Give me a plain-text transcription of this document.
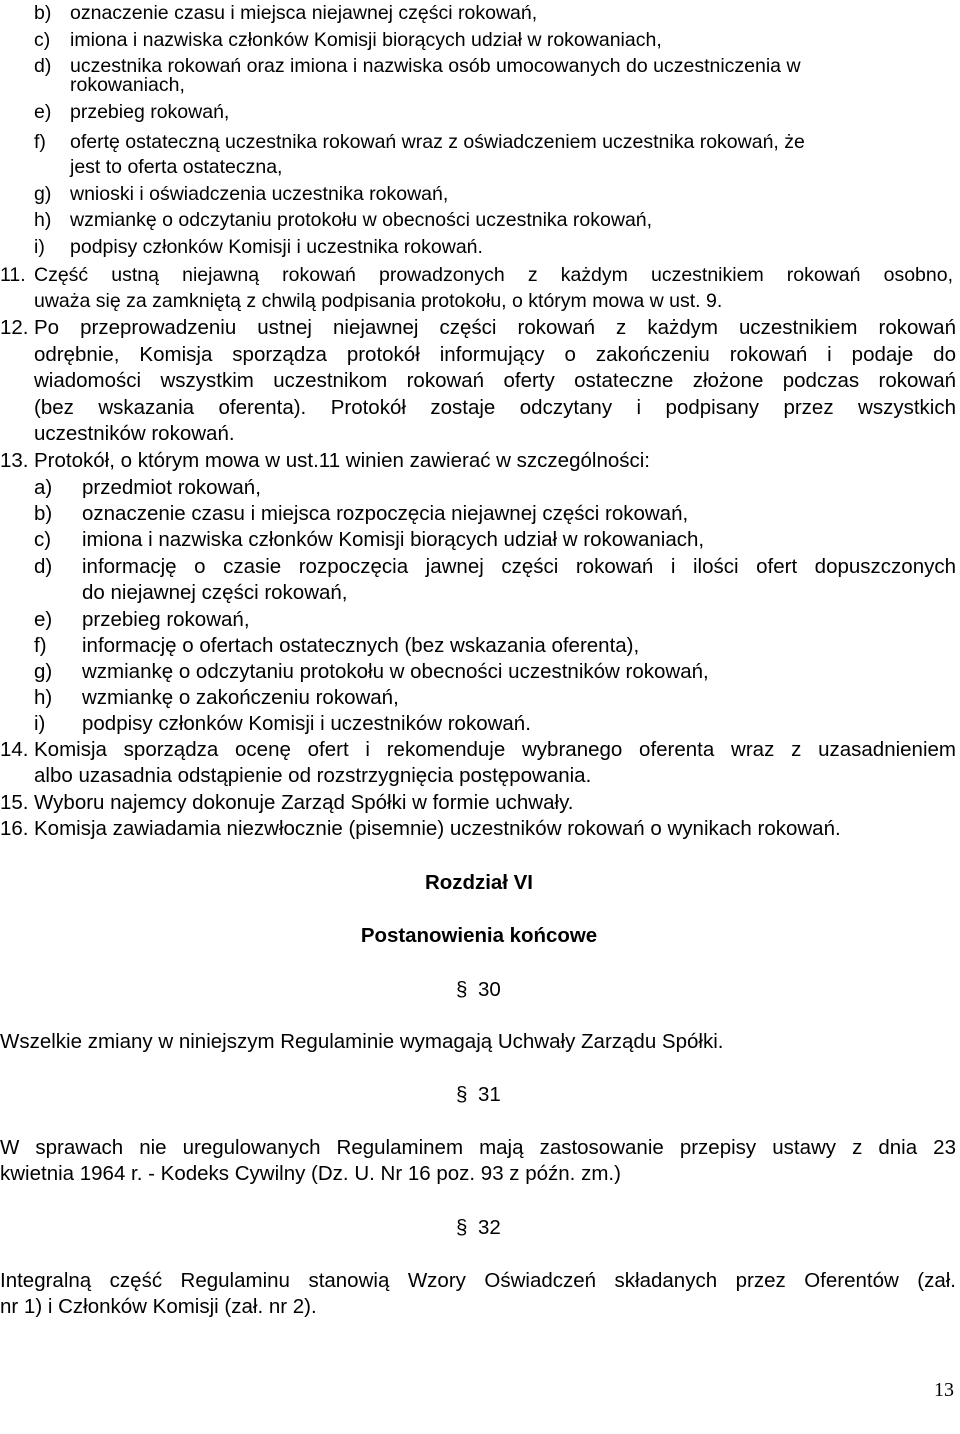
b) oznaczenie czasu i miejsca niejawnej części rokowań,
c) imiona i nazwiska członków Komisji biorących udział w rokowaniach,
d) uczestnika rokowań oraz imiona i nazwiska osób umocowanych do uczestniczenia w
rokowaniach,
e) przebieg rokowań,
f) ofertę ostateczną uczestnika rokowań wraz z oświadczeniem uczestnika rokowań, że
jest to oferta ostateczna,
g) wnioski i oświadczenia uczestnika rokowań,
h) wzmiankę o odczytaniu protokołu w obecności uczestnika rokowań,
i) podpisy członków Komisji i uczestnika rokowań.
11. Część ustną niejawną rokowań prowadzonych z każdym uczestnikiem rokowań osobno,
uważa się za zamkniętą z chwilą podpisania protokołu, o którym mowa w ust. 9.
12. Po przeprowadzeniu ustnej niejawnej części rokowań z każdym uczestnikiem rokowań
odrębnie, Komisja sporządza protokół informujący o zakończeniu rokowań i podaje do
wiadomości wszystkim uczestnikom rokowań oferty ostateczne złożone podczas rokowań
(bez wskazania oferenta). Protokół zostaje odczytany i podpisany przez wszystkich
uczestników rokowań.
13. Protokół, o którym mowa w ust.11 winien zawierać w szczególności:
a) przedmiot rokowań,
b) oznaczenie czasu i miejsca rozpoczęcia niejawnej części rokowań,
c) imiona i nazwiska członków Komisji biorących udział w rokowaniach,
d) informację o czasie rozpoczęcia jawnej części rokowań i ilości ofert dopuszczonych
do niejawnej części rokowań,
e) przebieg rokowań,
f) informację o ofertach ostatecznych (bez wskazania oferenta),
g) wzmiankę o odczytaniu protokołu w obecności uczestników rokowań,
h) wzmiankę o zakończeniu rokowań,
i) podpisy członków Komisji i uczestników rokowań.
14. Komisja sporządza ocenę ofert i rekomenduje wybranego oferenta wraz z uzasadnieniem
albo uzasadnia odstąpienie od rozstrzygnięcia postępowania.
15. Wyboru najemcy dokonuje Zarząd Spółki w formie uchwały.
16. Komisja zawiadamia niezwłocznie (pisemnie) uczestników rokowań o wynikach rokowań.
Rozdział VI
Postanowienia końcowe
§ 30
Wszelkie zmiany w niniejszym Regulaminie wymagają Uchwały Zarządu Spółki.
§ 31
W sprawach nie uregulowanych Regulaminem mają zastosowanie przepisy ustawy z dnia 23
kwietnia 1964 r. - Kodeks Cywilny (Dz. U. Nr 16 poz. 93 z późn. zm.)
§ 32
Integralną część Regulaminu stanowią Wzory Oświadczeń składanych przez Oferentów (zał.
nr 1) i Członków Komisji (zał. nr 2).
13
